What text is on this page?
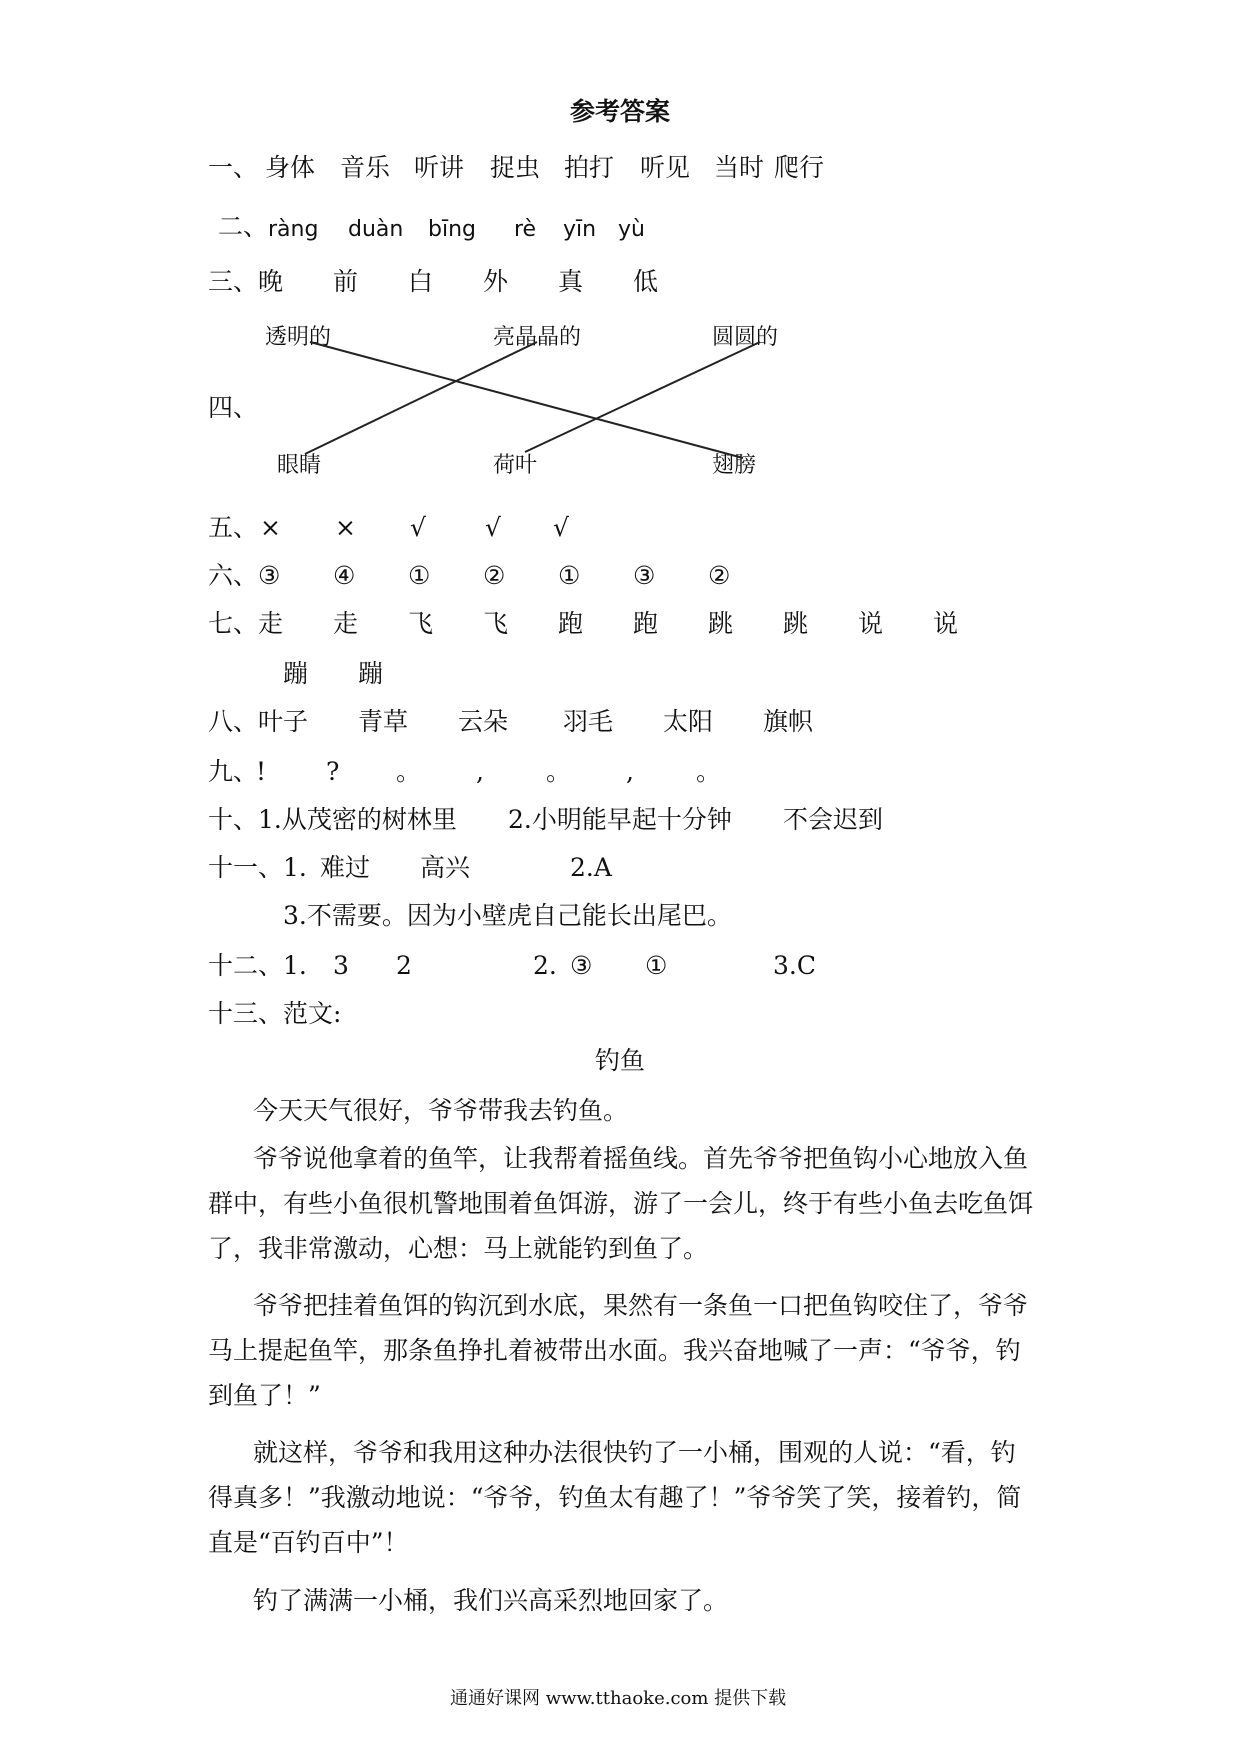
参考答案
一、 身体 音乐 听讲 捉虫 拍打 听见 当时 爬行
二、 ràng duàn bīng rè yīn yù
三、 晚 前 白 外 真 低
四、
透明的	亮晶晶的	圆圆的
眼睛	荷叶	翅膀
五、 × × √ √ √
六、 ③ ④ ① ② ① ③ ②
七、 走 走 飞 飞 跑 跑 跳 跳 说 说
蹦 蹦
八、 叶子 青草 云朵 羽毛 太阳 旗帜
九、
! ? 。 , 。 , 。
十、 1.从茂密的树林里 2.小明能早起十分钟 不会迟到
十一、 1. 难过 高兴	2.A
3.不需要。因为小壁虎自己能长出尾巴。
十二、 1. 3 2	2. ③ ①	3.C
十三、范文:
钓鱼
今天天气很好，爷爷带我去钓鱼。
爷爷说他拿着的鱼竿，让我帮着摇鱼线。首先爷爷把鱼钩小心地放入鱼群中，有些小鱼很机警地围着鱼饵游，游了一会儿，终于有些小鱼去吃鱼饵了，我非常激动，心想：马上就能钓到鱼了。
爷爷把挂着鱼饵的钩沉到水底，果然有一条鱼一口把鱼钩咬住了，爷爷马上提起鱼竿，那条鱼挣扎着被带出水面。我兴奋地喊了一声：“爷爷，钓到鱼了！”
就这样，爷爷和我用这种办法很快钓了一小桶，围观的人说：“看，钓得真多！”我激动地说：“爷爷，钓鱼太有趣了！”爷爷笑了笑，接着钓，简直是“百钓百中”！
钓了满满一小桶，我们兴高采烈地回家了。
通通好课网 www.tthaoke.com 提供下载
